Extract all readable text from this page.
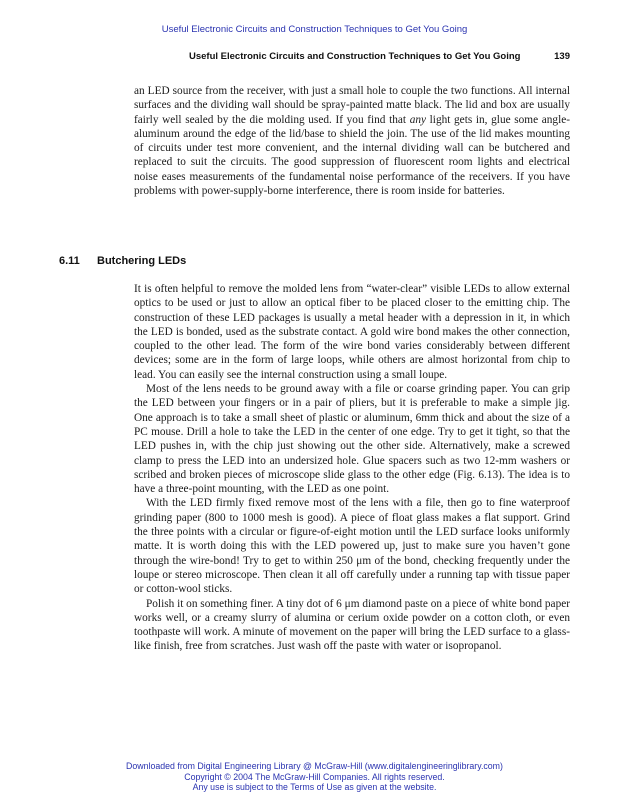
Useful Electronic Circuits and Construction Techniques to Get You Going
Useful Electronic Circuits and Construction Techniques to Get You Going	139

an LED source from the receiver, with just a small hole to couple the two functions. All internal surfaces and the dividing wall should be spray-painted matte black. The lid and box are usually fairly well sealed by the die molding used. If you find that any light gets in, glue some angle-aluminum around the edge of the lid/base to shield the join. The use of the lid makes mounting of circuits under test more convenient, and the internal dividing wall can be butchered and replaced to suit the circuits. The good suppression of fluorescent room lights and electrical noise eases measurements of the fundamental noise performance of the receivers. If you have problems with power-supply-borne interference, there is room inside for batteries.

6.11 Butchering LEDs

It is often helpful to remove the molded lens from “water-clear” visible LEDs to allow external optics to be used or just to allow an optical fiber to be placed closer to the emitting chip. The construction of these LED packages is usually a metal header with a depression in it, in which the LED is bonded, used as the substrate contact. A gold wire bond makes the other connection, coupled to the other lead. The form of the wire bond varies considerably between different devices; some are in the form of large loops, while others are almost horizontal from chip to lead. You can easily see the internal construction using a small loupe.

Most of the lens needs to be ground away with a file or coarse grinding paper. You can grip the LED between your fingers or in a pair of pliers, but it is preferable to make a simple jig. One approach is to take a small sheet of plastic or aluminum, 6mm thick and about the size of a PC mouse. Drill a hole to take the LED in the center of one edge. Try to get it tight, so that the LED pushes in, with the chip just showing out the other side. Alternatively, make a screwed clamp to press the LED into an undersized hole. Glue spacers such as two 12-mm washers or scribed and broken pieces of microscope slide glass to the other edge (Fig. 6.13). The idea is to have a three-point mounting, with the LED as one point.

With the LED firmly fixed remove most of the lens with a file, then go to fine waterproof grinding paper (800 to 1000 mesh is good). A piece of float glass makes a flat support. Grind the three points with a circular or figure-of-eight motion until the LED surface looks uniformly matte. It is worth doing this with the LED powered up, just to make sure you haven’t gone through the wire-bond! Try to get to within 250 μm of the bond, checking frequently under the loupe or stereo microscope. Then clean it all off carefully under a running tap with tissue paper or cotton-wool sticks.

Polish it on something finer. A tiny dot of 6 μm diamond paste on a piece of white bond paper works well, or a creamy slurry of alumina or cerium oxide powder on a cotton cloth, or even toothpaste will work. A minute of movement on the paper will bring the LED surface to a glass-like finish, free from scratches. Just wash off the paste with water or isopropanol.

Downloaded from Digital Engineering Library @ McGraw-Hill (www.digitalengineeringlibrary.com)
Copyright © 2004 The McGraw-Hill Companies. All rights reserved.
Any use is subject to the Terms of Use as given at the website.
